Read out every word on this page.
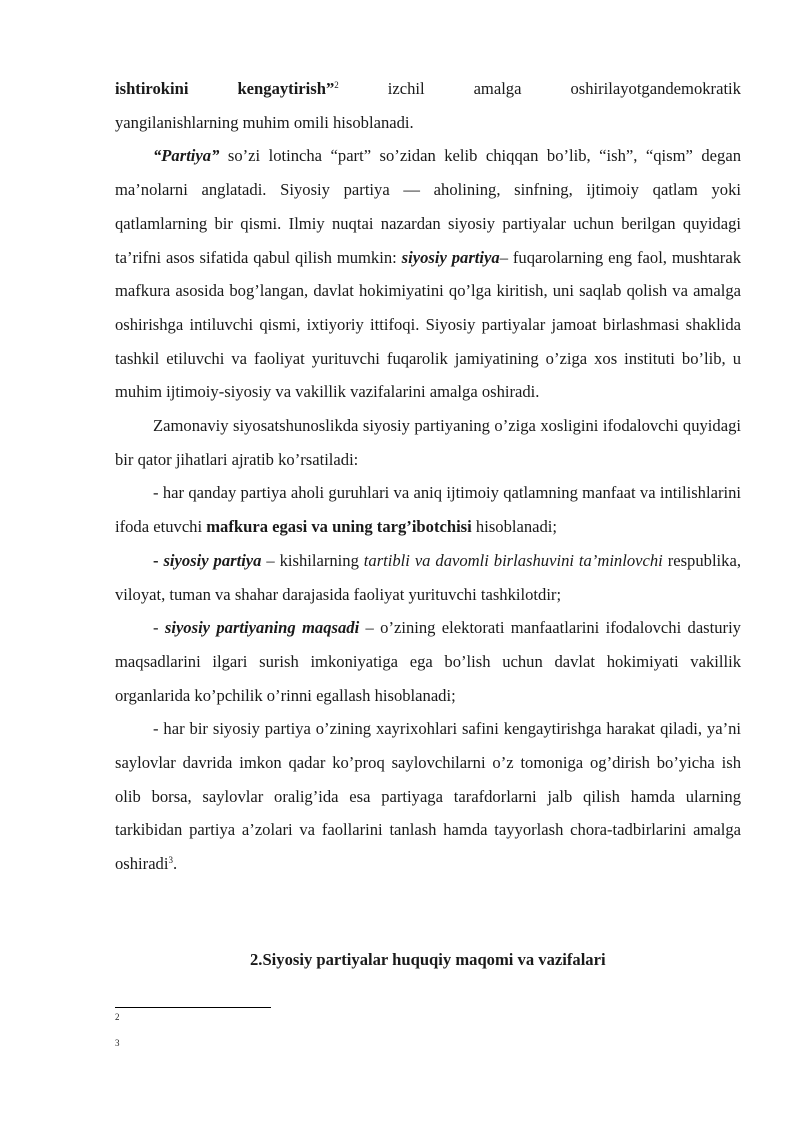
ishtirokini	kengaytirish”$^2$	izchil	amalga	oshirilayotgandemokratik

yangilanishlarning muhim omili hisoblanadi.

“Partiya” so’zi lotincha “part” so’zidan kelib chiqqan bo’lib, “ish”, “qism” degan ma’nolarni anglatadi. Siyosiy partiya — aholining, sinfning, ijtimoiy qatlam yoki qatlamlarning bir qismi. Ilmiy nuqtai nazardan siyosiy partiyalar uchun berilgan quyidagi ta’rifni asos sifatida qabul qilish mumkin: siyosiy partiya– fuqarolarning eng faol, mushtarak mafkura asosida bog’langan, davlat hokimiyatini qo’lga kiritish, uni saqlab qolish va amalga oshirishga intiluvchi qismi, ixtiyoriy ittifoqi. Siyosiy partiyalar jamoat birlashmasi shaklida tashkil etiluvchi va faoliyat yurituvchi fuqarolik jamiyatining o’ziga xos instituti bo’lib, u muhim ijtimoiy-siyosiy va vakillik vazifalarini amalga oshiradi.

Zamonaviy siyosatshunoslikda siyosiy partiyaning o’ziga xosligini ifodalovchi quyidagi bir qator jihatlari ajratib ko’rsatiladi:

- har qanday partiya aholi guruhlari va aniq ijtimoiy qatlamning manfaat va intilishlarini ifoda etuvchi mafkura egasi va uning targ’ibotchisi hisoblanadi;

- siyosiy partiya – kishilarning tartibli va davomli birlashuvini ta’minlovchi respublika, viloyat, tuman va shahar darajasida faoliyat yurituvchi tashkilotdir;

- siyosiy partiyaning maqsadi – o’zining elektorati manfaatlarini ifodalovchi dasturiy maqsadlarini ilgari surish imkoniyatiga ega bo’lish uchun davlat hokimiyati vakillik organlarida ko’pchilik o’rinni egallash hisoblanadi;

- har bir siyosiy partiya o’zining xayrixohlari safini kengaytirishga harakat qiladi, ya’ni saylovlar davrida imkon qadar ko’proq saylovchilarni o’z tomoniga og’dirish bo’yicha ish olib borsa, saylovlar oralig’ida esa partiyaga tarafdorlarni jalb qilish hamda ularning tarkibidan partiya a’zolari va faollarini tanlash hamda tayyorlash chora-tadbirlarini amalga oshiradi$^3$.

2.Siyosiy partiyalar huquqiy maqomi va vazifalari
2
3
